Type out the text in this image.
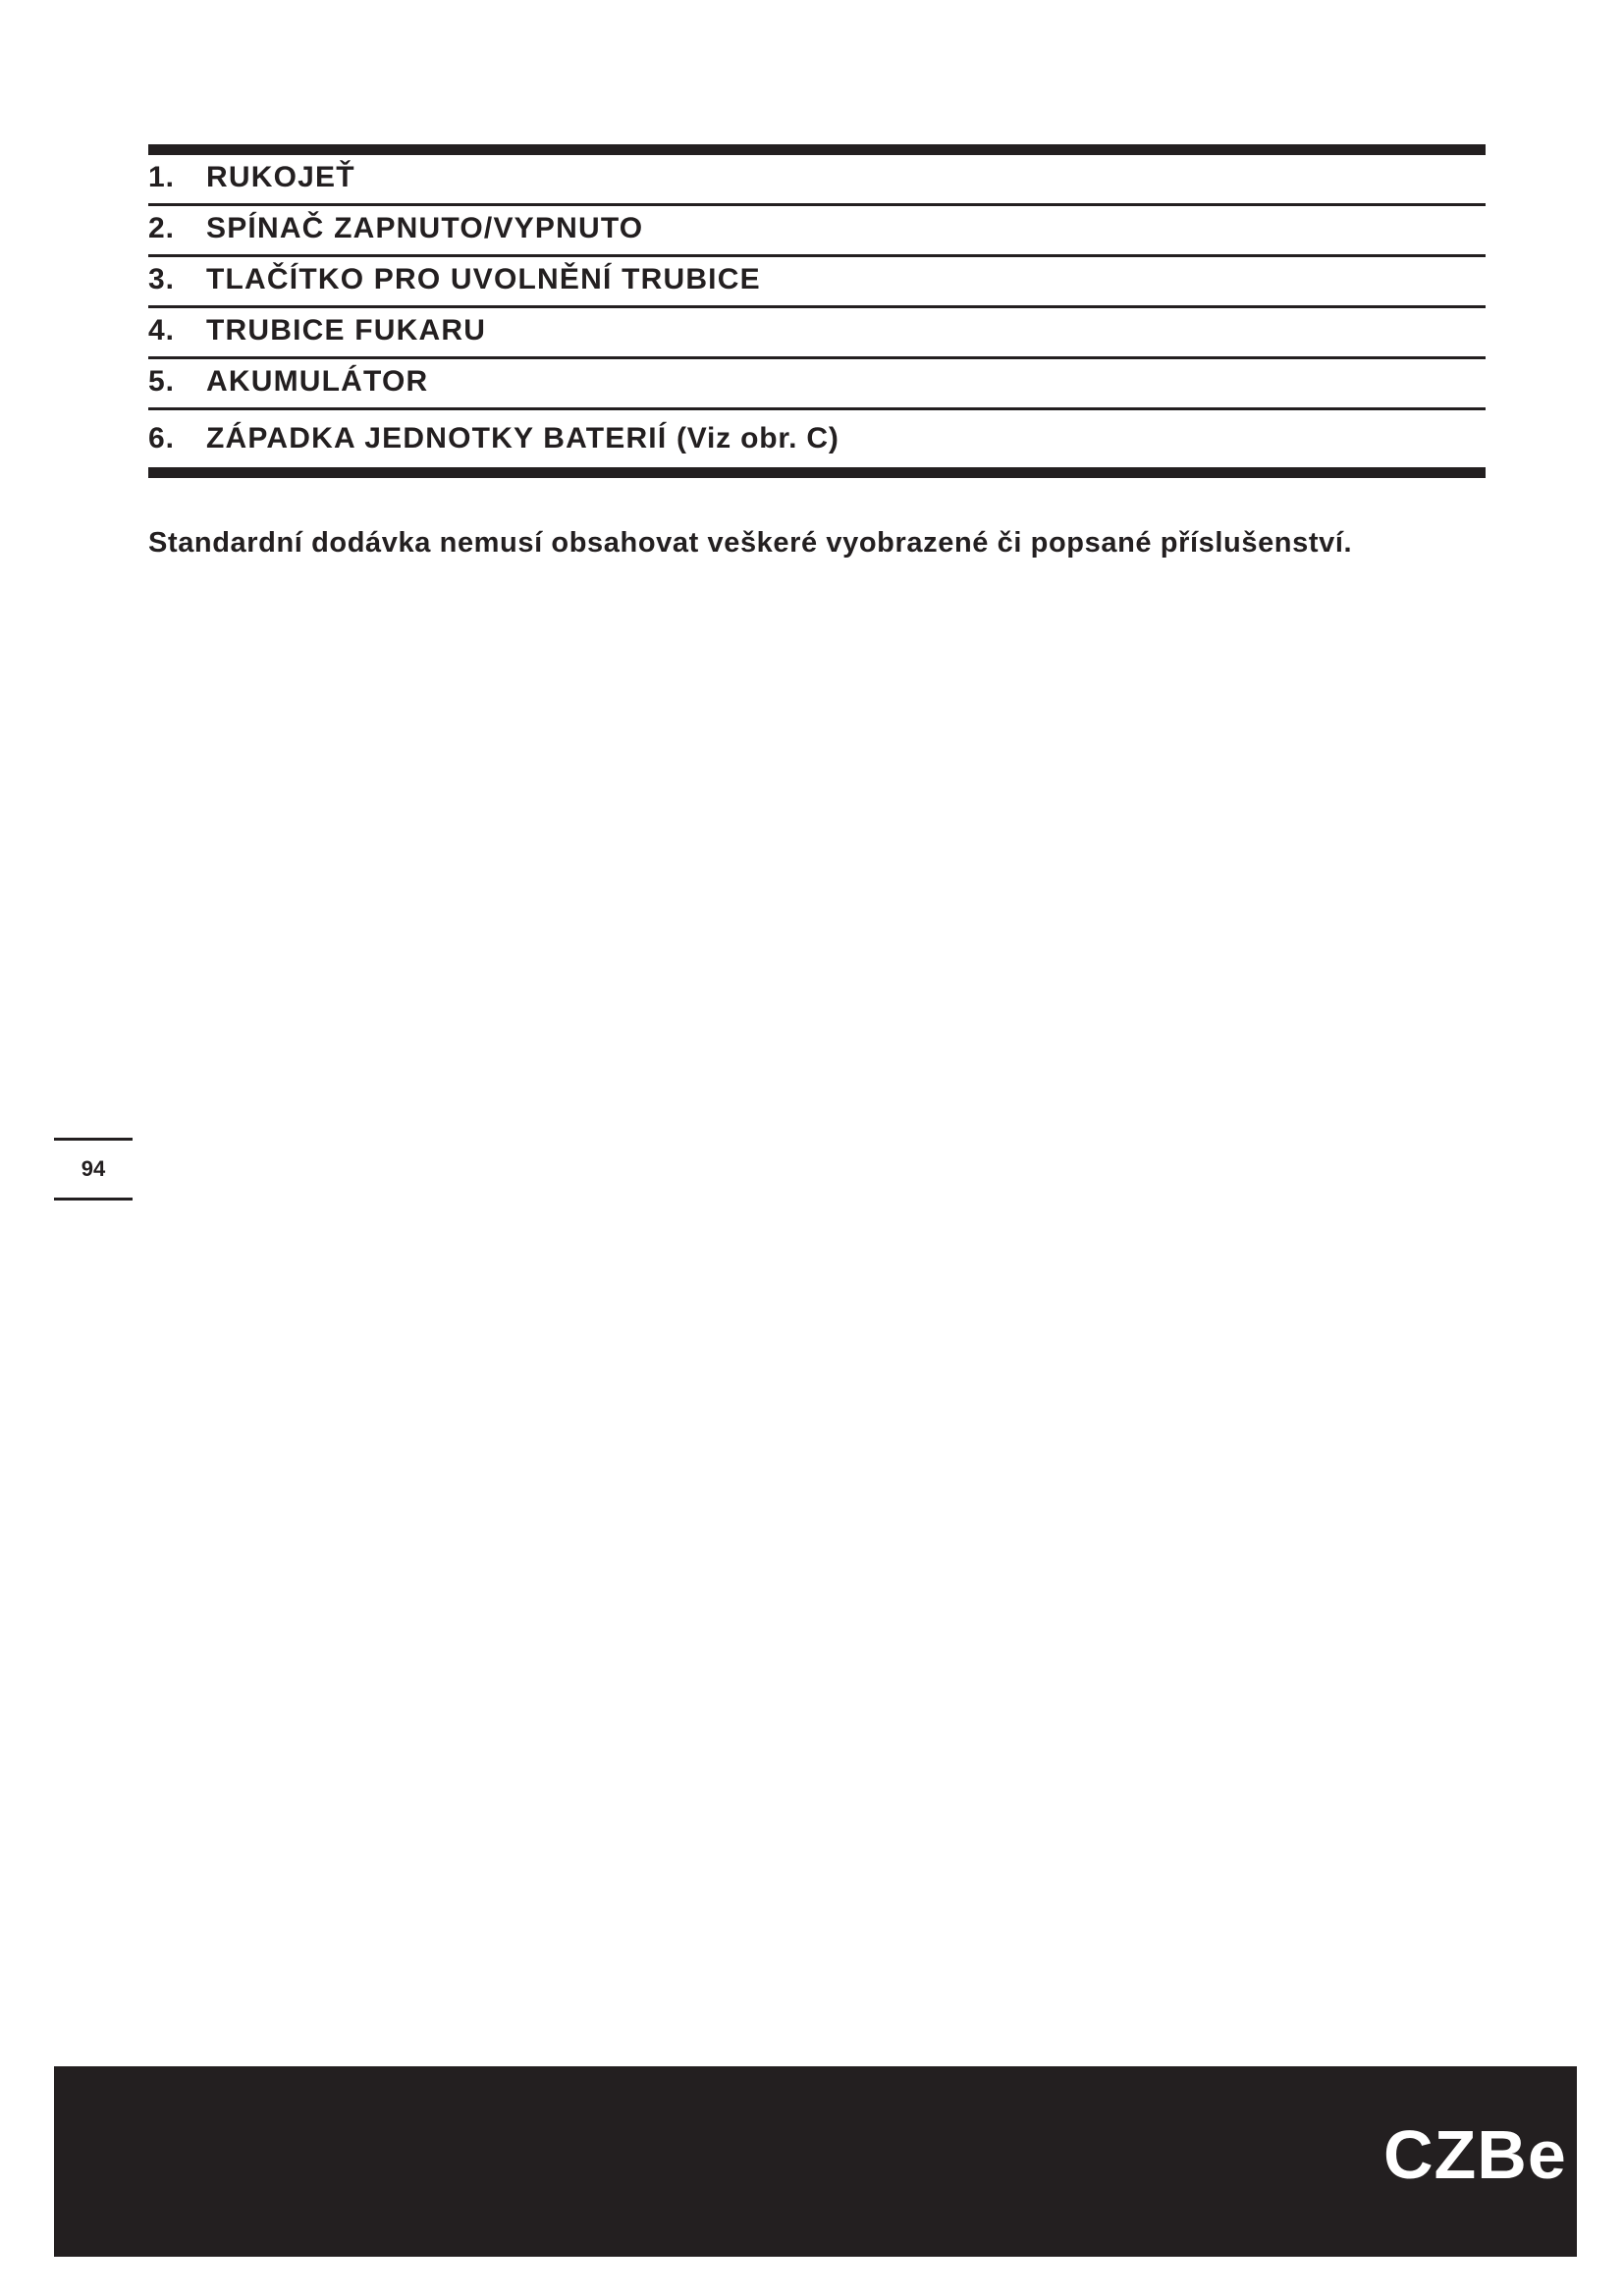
1. RUKOJEŤ
2. SPÍNAČ ZAPNUTO/VYPNUTO
3. TLAČÍTKO PRO UVOLNĚNÍ TRUBICE
4. TRUBICE FUKARU
5. AKUMULÁTOR
6. ZÁPADKA JEDNOTKY BATERIÍ (Viz obr. C)

Standardní dodávka nemusí obsahovat veškeré vyobrazené či popsané příslušenství.

94
CZBe
